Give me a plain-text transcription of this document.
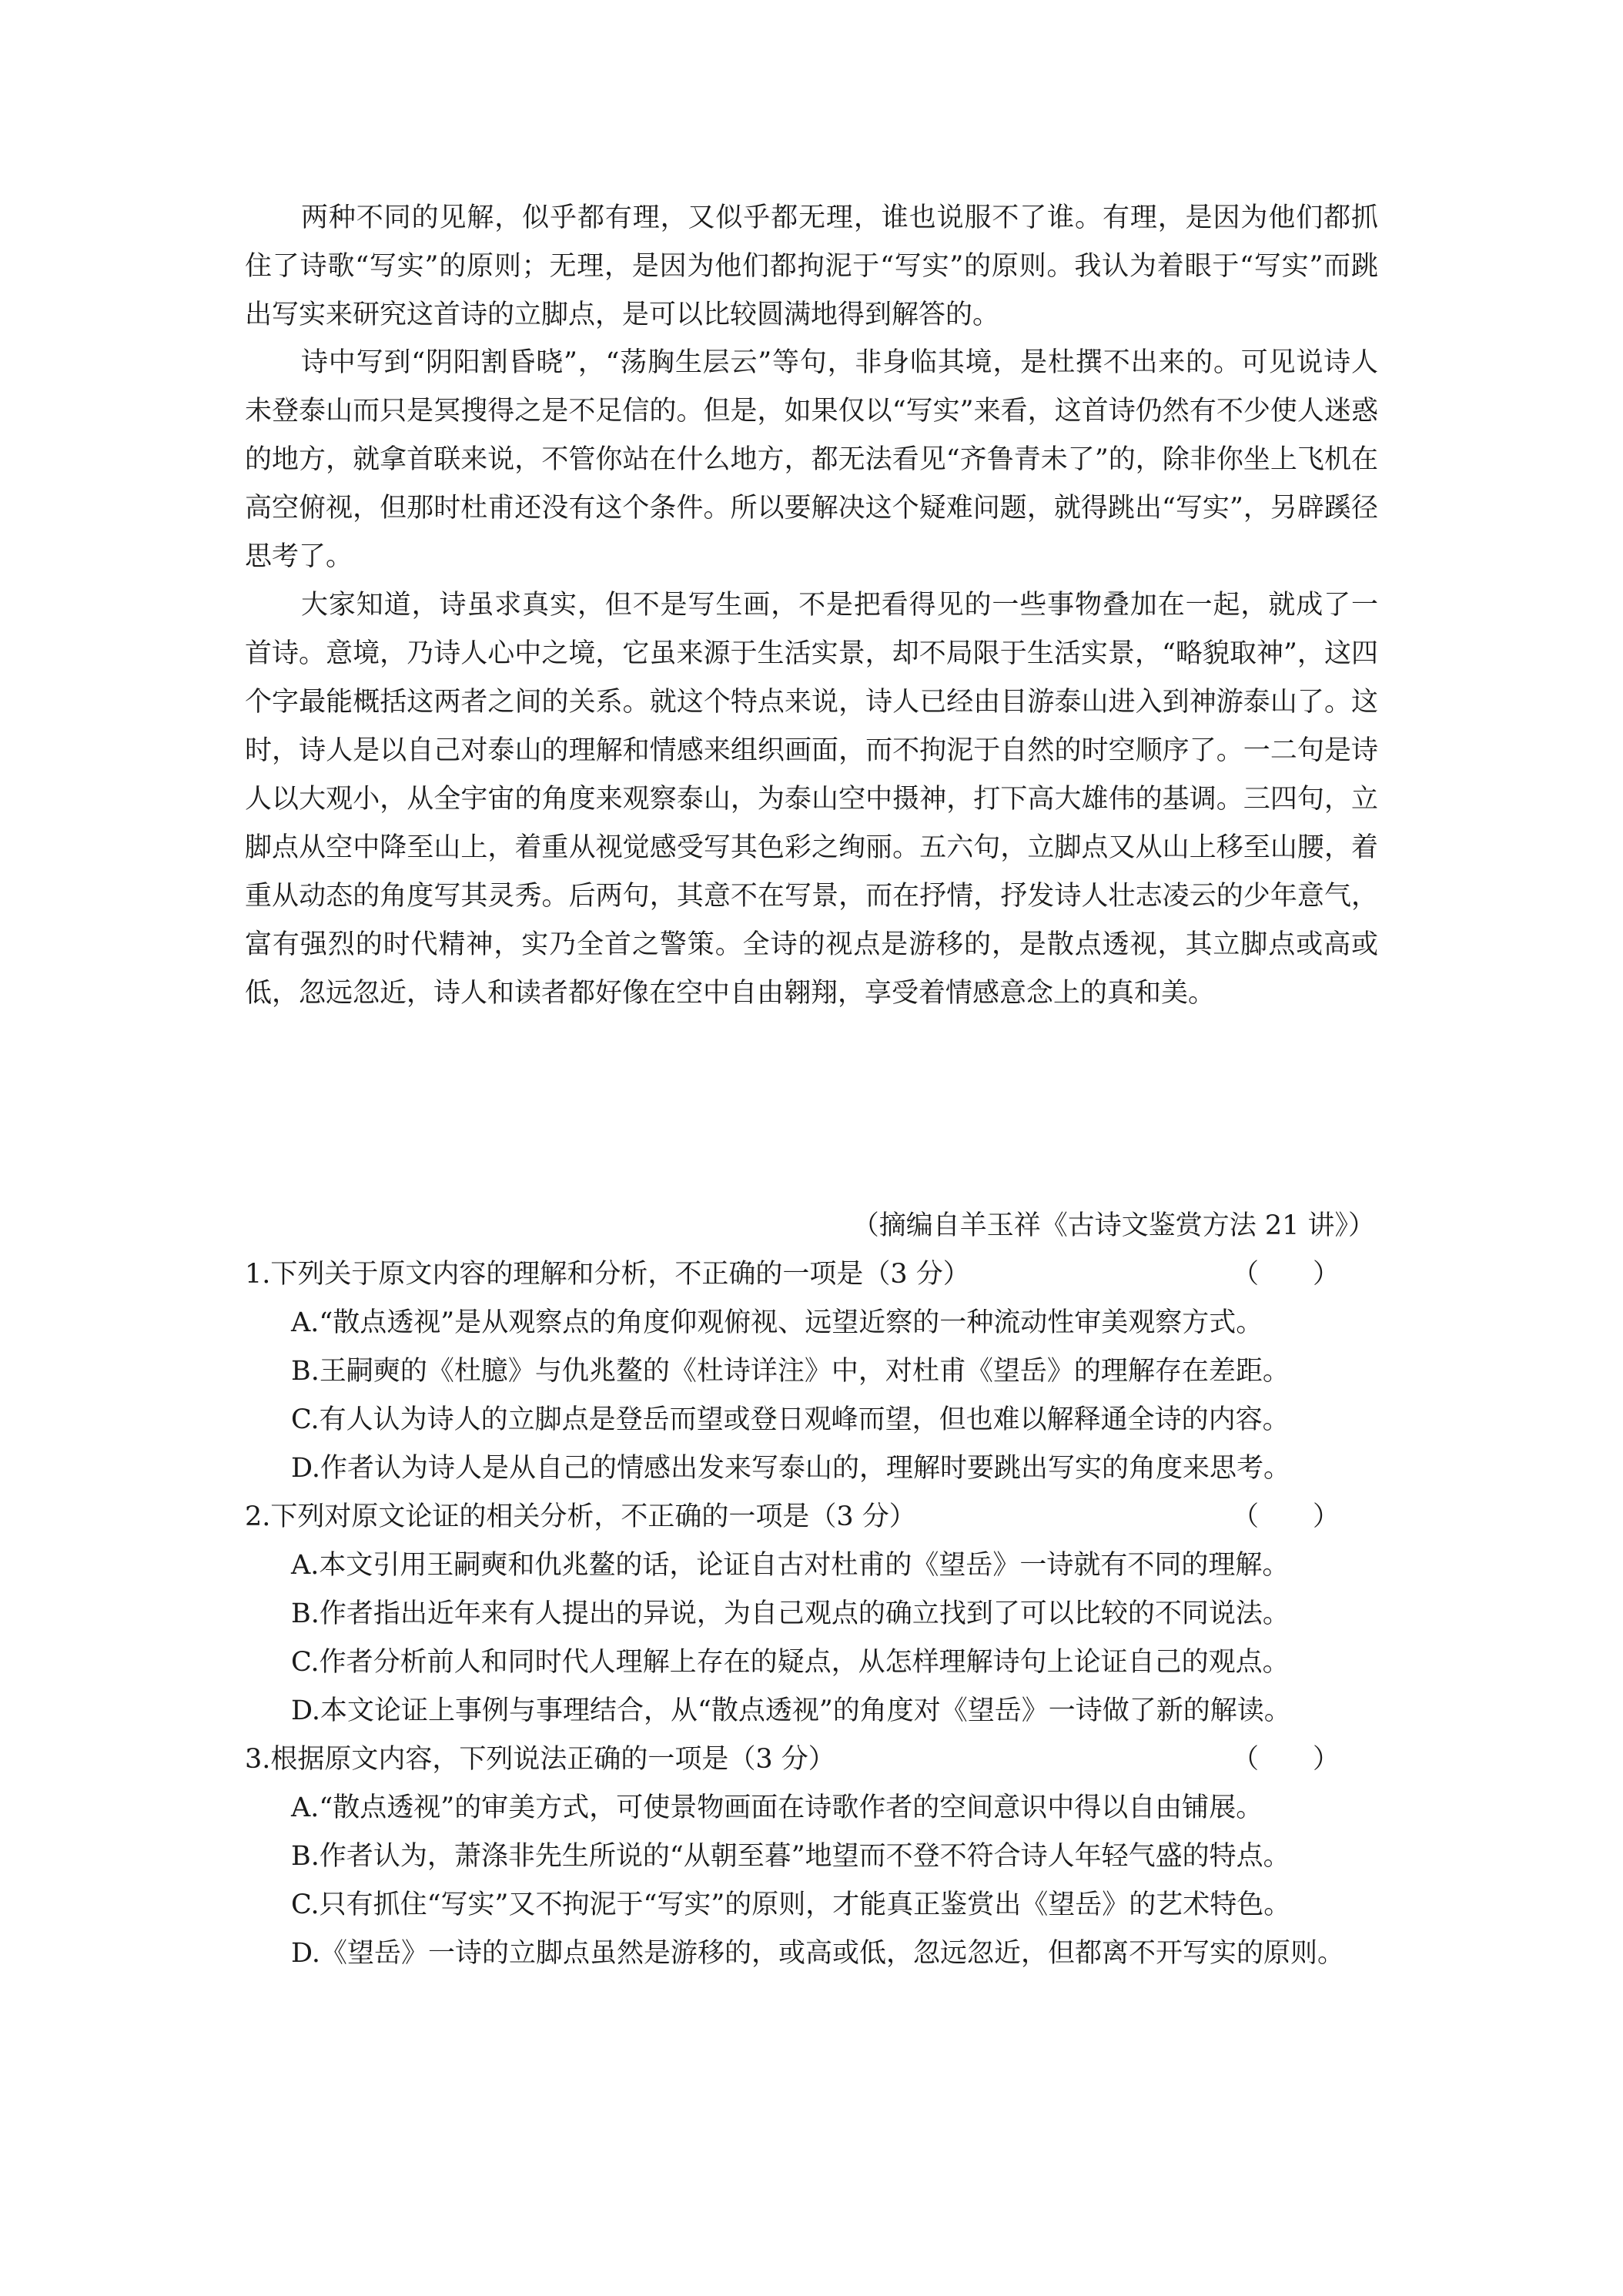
两种不同的见解，似乎都有理，又似乎都无理，谁也说服不了谁。有理，是因为他们都抓住了诗歌“写实”的原则；无理，是因为他们都拘泥于“写实”的原则。我认为着眼于“写实”而跳出写实来研究这首诗的立脚点，是可以比较圆满地得到解答的。

诗中写到“阴阳割昏晓”，“荡胸生层云”等句，非身临其境，是杜撰不出来的。可见说诗人未登泰山而只是冥搜得之是不足信的。但是，如果仅以“写实”来看，这首诗仍然有不少使人迷惑的地方，就拿首联来说，不管你站在什么地方，都无法看见“齐鲁青未了”的，除非你坐上飞机在高空俯视，但那时杜甫还没有这个条件。所以要解决这个疑难问题，就得跳出“写实”，另辟蹊径思考了。

大家知道，诗虽求真实，但不是写生画，不是把看得见的一些事物叠加在一起，就成了一首诗。意境，乃诗人心中之境，它虽来源于生活实景，却不局限于生活实景，“略貌取神”，这四个字最能概括这两者之间的关系。就这个特点来说，诗人已经由目游泰山进入到神游泰山了。这时，诗人是以自己对泰山的理解和情感来组织画面，而不拘泥于自然的时空顺序了。一二句是诗人以大观小，从全宇宙的角度来观察泰山，为泰山空中摄神，打下高大雄伟的基调。三四句，立脚点从空中降至山上，着重从视觉感受写其色彩之绚丽。五六句，立脚点又从山上移至山腰，着重从动态的角度写其灵秀。后两句，其意不在写景，而在抒情，抒发诗人壮志凌云的少年意气，富有强烈的时代精神，实乃全首之警策。全诗的视点是游移的，是散点透视，其立脚点或高或低，忽远忽近，诗人和读者都好像在空中自由翱翔，享受着情感意念上的真和美。

（摘编自羊玉祥《古诗文鉴赏方法 21 讲》）

1.下列关于原文内容的理解和分析，不正确的一项是（3 分）	（　　）

A.“散点透视”是从观察点的角度仰观俯视、远望近察的一种流动性审美观察方式。

B.王嗣奭的《杜臆》与仇兆鳌的《杜诗详注》中，对杜甫《望岳》的理解存在差距。

C.有人认为诗人的立脚点是登岳而望或登日观峰而望，但也难以解释通全诗的内容。

D.作者认为诗人是从自己的情感出发来写泰山的，理解时要跳出写实的角度来思考。

2.下列对原文论证的相关分析，不正确的一项是（3 分）	（　　）

A.本文引用王嗣奭和仇兆鳌的话，论证自古对杜甫的《望岳》一诗就有不同的理解。

B.作者指出近年来有人提出的异说，为自己观点的确立找到了可以比较的不同说法。

C.作者分析前人和同时代人理解上存在的疑点，从怎样理解诗句上论证自己的观点。

D.本文论证上事例与事理结合，从“散点透视”的角度对《望岳》一诗做了新的解读。

3.根据原文内容，下列说法正确的一项是（3 分）	（　　）

A.“散点透视”的审美方式，可使景物画面在诗歌作者的空间意识中得以自由铺展。

B.作者认为，萧涤非先生所说的“从朝至暮”地望而不登不符合诗人年轻气盛的特点。

C.只有抓住“写实”又不拘泥于“写实”的原则，才能真正鉴赏出《望岳》的艺术特色。

D.《望岳》一诗的立脚点虽然是游移的，或高或低，忽远忽近，但都离不开写实的原则。
